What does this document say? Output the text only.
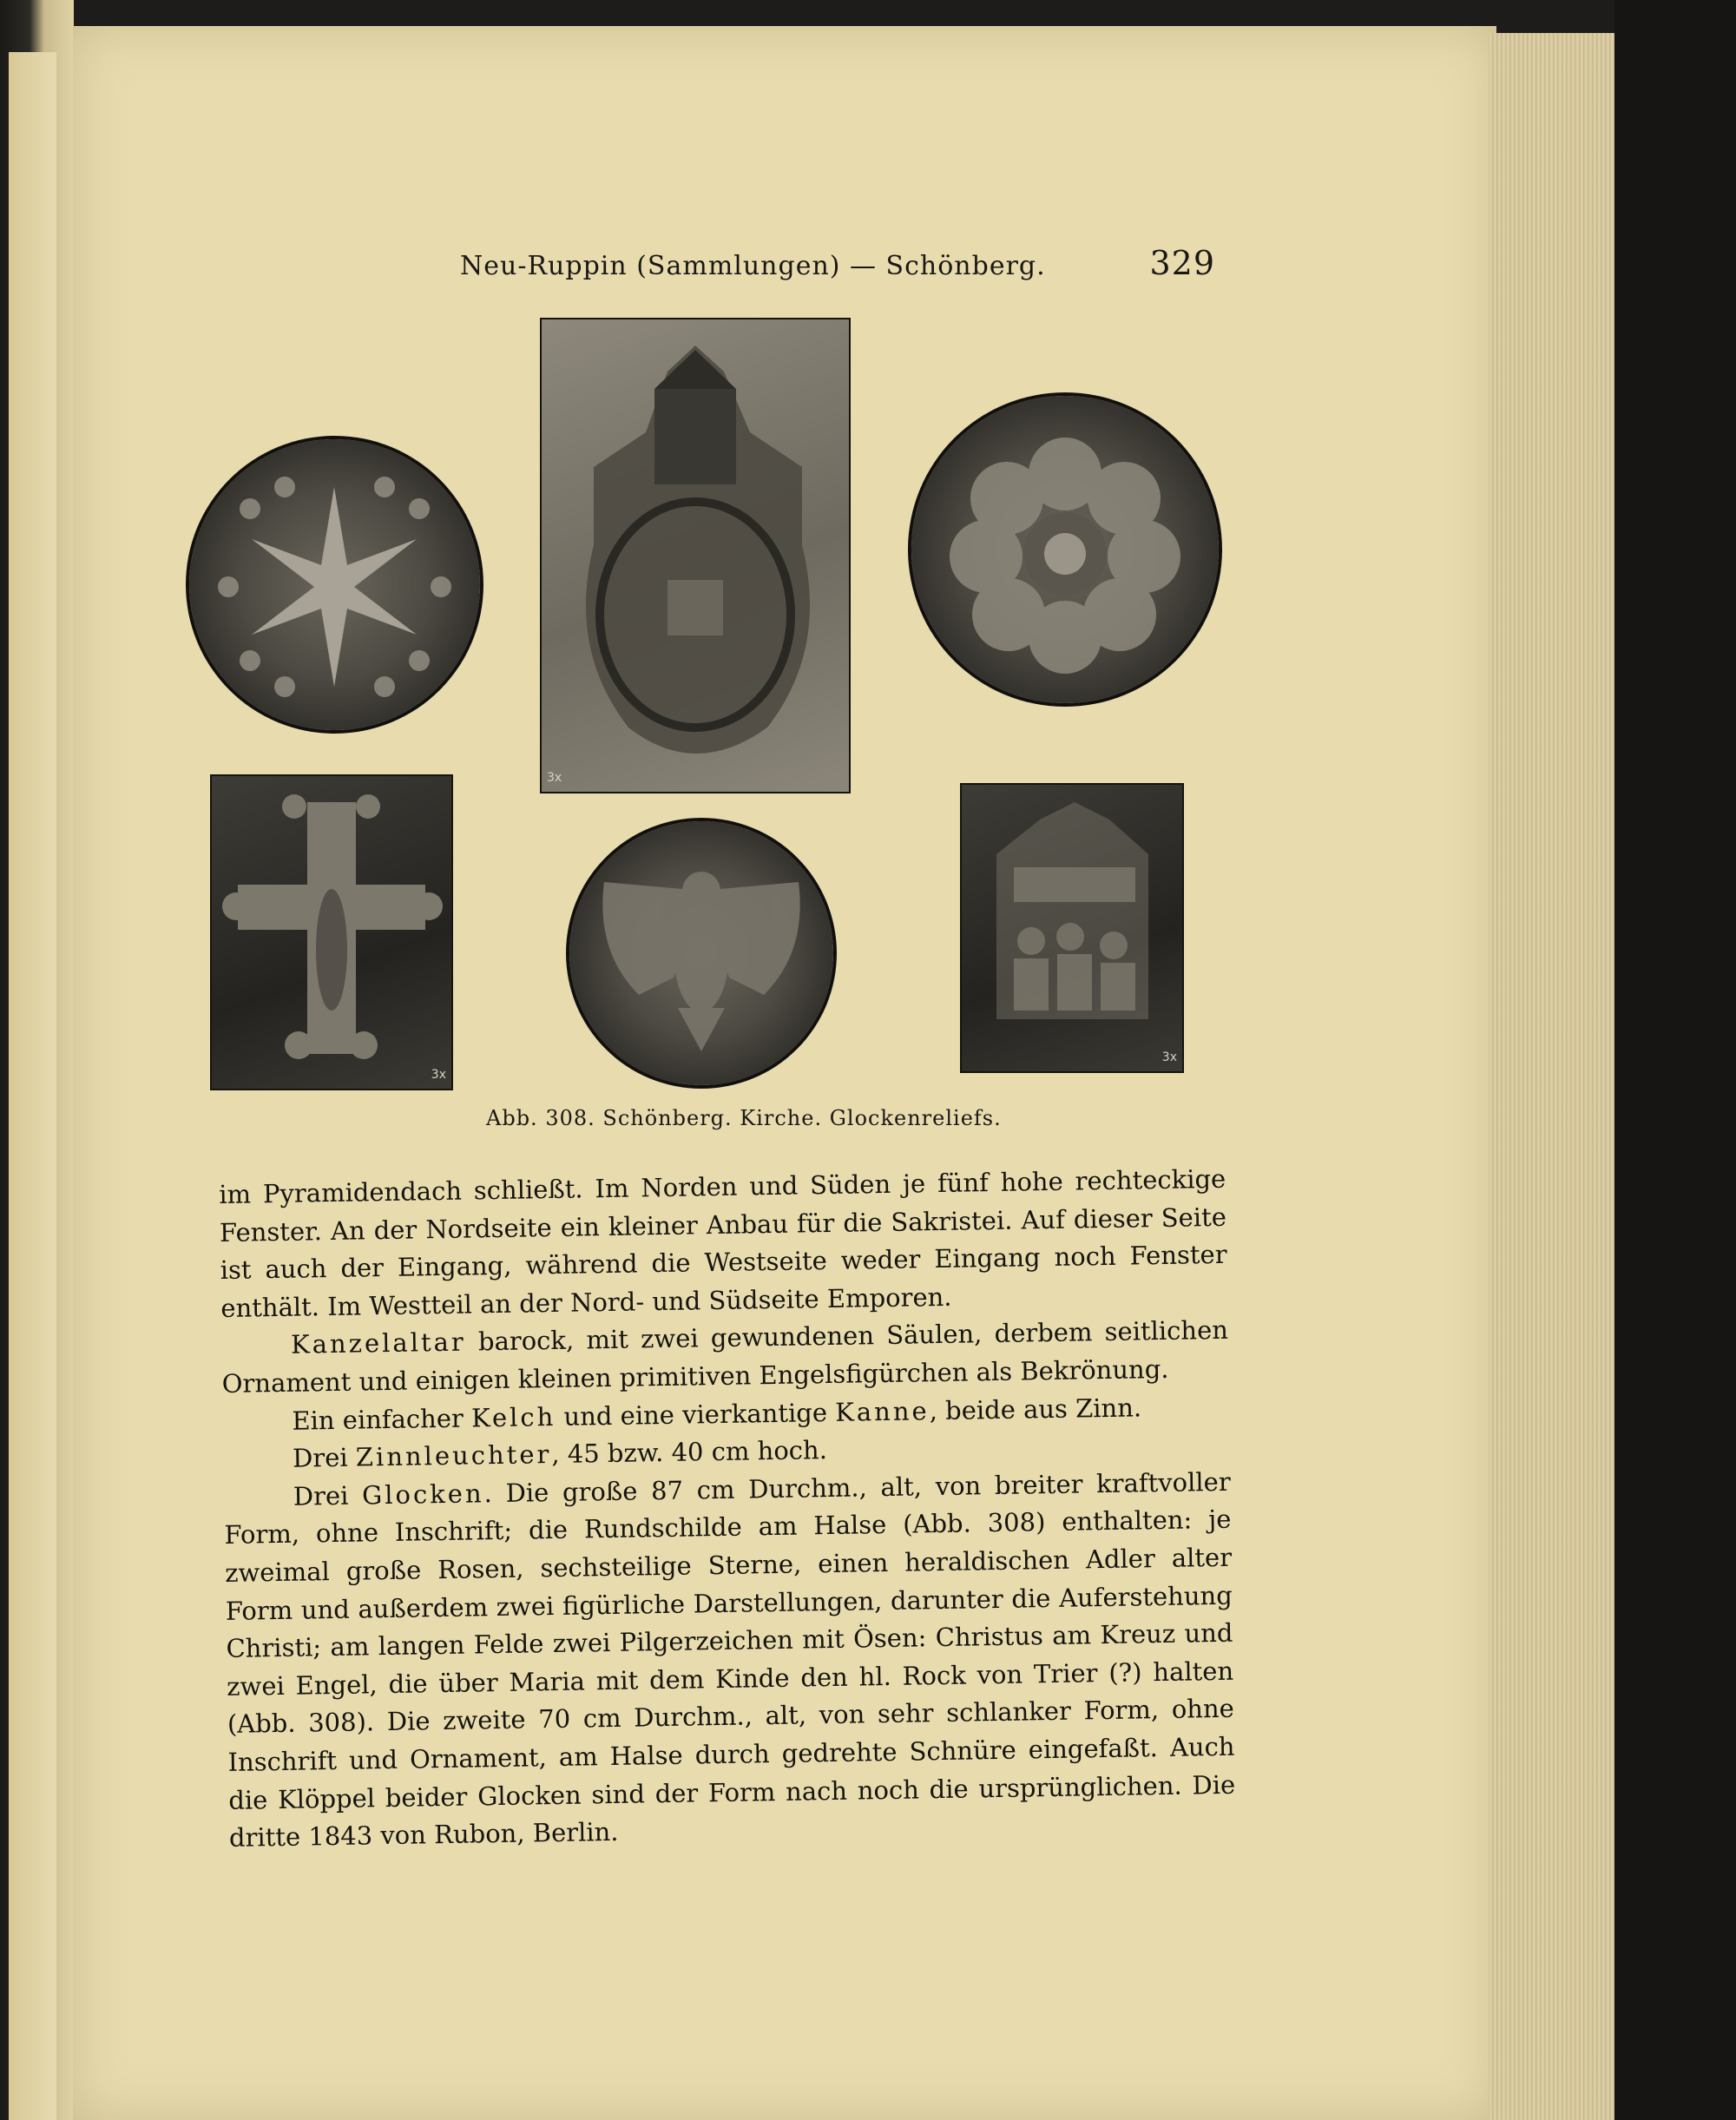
Neu-Ruppin (Sammlungen) — Schönberg.	329
3x
3x
3x
Abb. 308. Schönberg. Kirche. Glockenreliefs.

im Pyramidendach schließt. Im Norden und Süden je fünf hohe rechteckige Fenster. An der Nordseite ein kleiner Anbau für die Sakristei. Auf dieser Seite ist auch der Eingang, während die Westseite weder Eingang noch Fenster enthält. Im Westteil an der Nord- und Südseite Emporen.

Kanzelaltar barock, mit zwei gewundenen Säulen, derbem seitlichen Ornament und einigen kleinen primitiven Engelsfigürchen als Bekrönung.

Ein einfacher Kelch und eine vierkantige Kanne, beide aus Zinn.

Drei Zinnleuchter, 45 bzw. 40 cm hoch.

Drei Glocken. Die große 87 cm Durchm., alt, von breiter kraftvoller Form, ohne Inschrift; die Rundschilde am Halse (Abb. 308) enthalten: je zweimal große Rosen, sechsteilige Sterne, einen heraldischen Adler alter Form und außerdem zwei figürliche Darstellungen, darunter die Auferstehung Christi; am langen Felde zwei Pilgerzeichen mit Ösen: Christus am Kreuz und zwei Engel, die über Maria mit dem Kinde den hl. Rock von Trier (?) halten (Abb. 308). Die zweite 70 cm Durchm., alt, von sehr schlanker Form, ohne Inschrift und Ornament, am Halse durch gedrehte Schnüre eingefaßt. Auch die Klöppel beider Glocken sind der Form nach noch die ursprünglichen. Die dritte 1843 von Rubon, Berlin.
